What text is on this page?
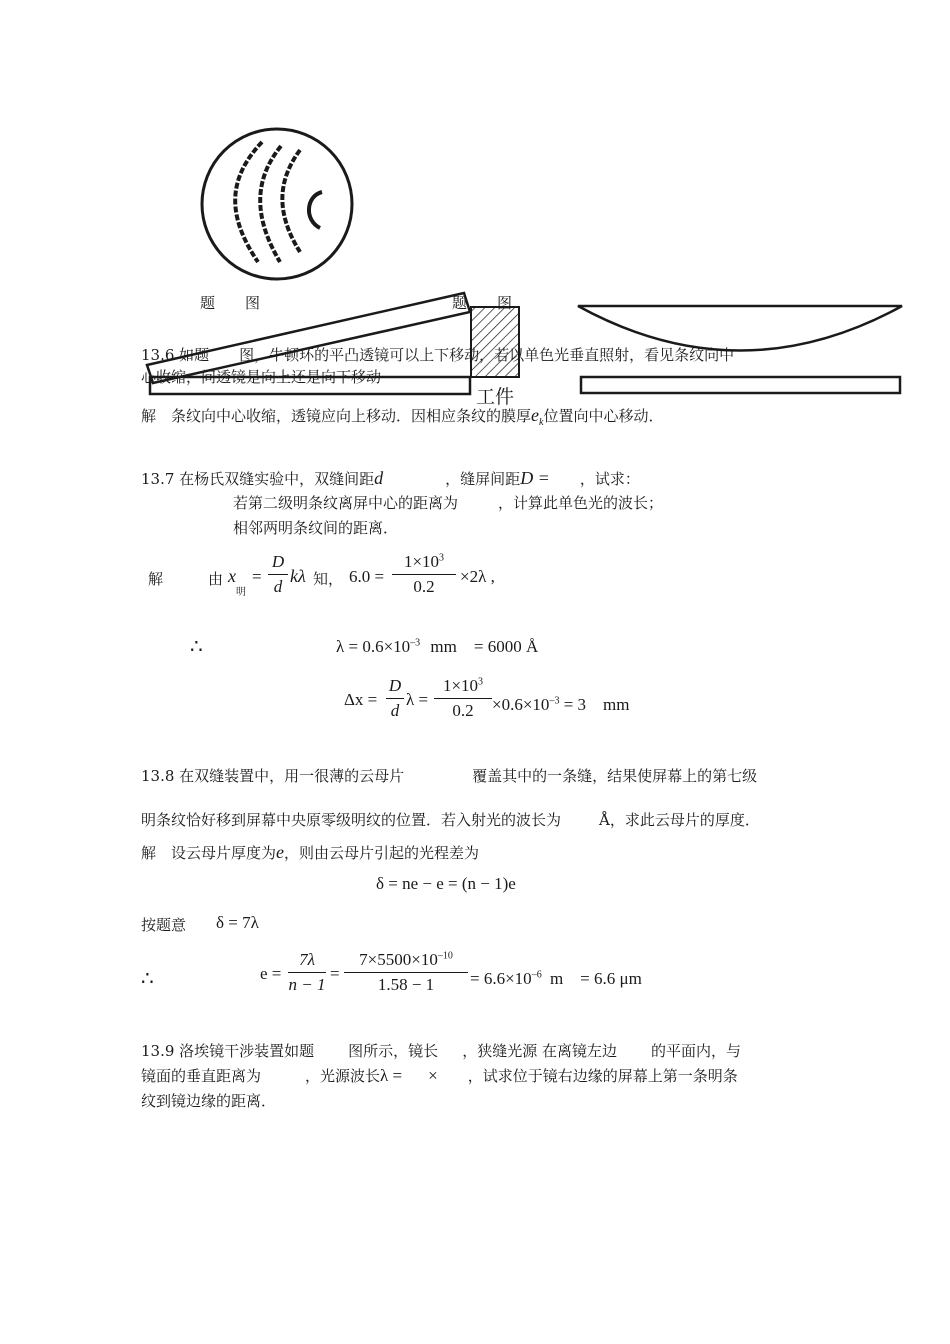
题　　图	题　　图
工件
13.6 如题　　图，牛顿环的平凸透镜可以上下移动，若以单色光垂直照射，看见条纹向中
心收缩，问透镜是向上还是向下移动
解　条纹向中心收缩，透镜应向上移动．因相应条纹的膜厚$e_k$位置向中心移动．
13.7 在杨氏双缝实验中，双缝间距d	，缝屏间距D = ，试求：
若第二级明条纹离屏中心的距离为	，计算此单色光的波长；
相邻两明条纹间的距离．
解	由 x
明
=
D
d
kλ 知， 6.0 =
$1\times 10^3$
0.2
×2λ ,
∴	$\lambda = 0.6\times 10^{-3}$ mm　= 6000 Å
Δx =
D
d
λ =
$1\times 10^3$
0.2	$\times 0.6\times 10^{-3} = 3$　mm
13.8 在双缝装置中，用一很薄的云母片	覆盖其中的一条缝，结果使屏幕上的第七级
明条纹恰好移到屏幕中央原零级明纹的位置．若入射光的波长为	Å，求此云母片的厚度．
解　设云母片厚度为e，则由云母片引起的光程差为
δ = ne − e = (n − 1)e
按题意 δ = 7λ
∴	e =
7λ
n − 1
=
$7\times 5500\times 10^{-10}$
1.58 − 1	= $6.6\times 10^{-6}$ m　= 6.6 μm
13.9 洛埃镜干涉装置如题 图所示，镜长 ，狭缝光源 在离镜左边 的平面内，与
镜面的垂直距离为	，光源波长λ = × ，试求位于镜右边缘的屏幕上第一条明条
纹到镜边缘的距离．
